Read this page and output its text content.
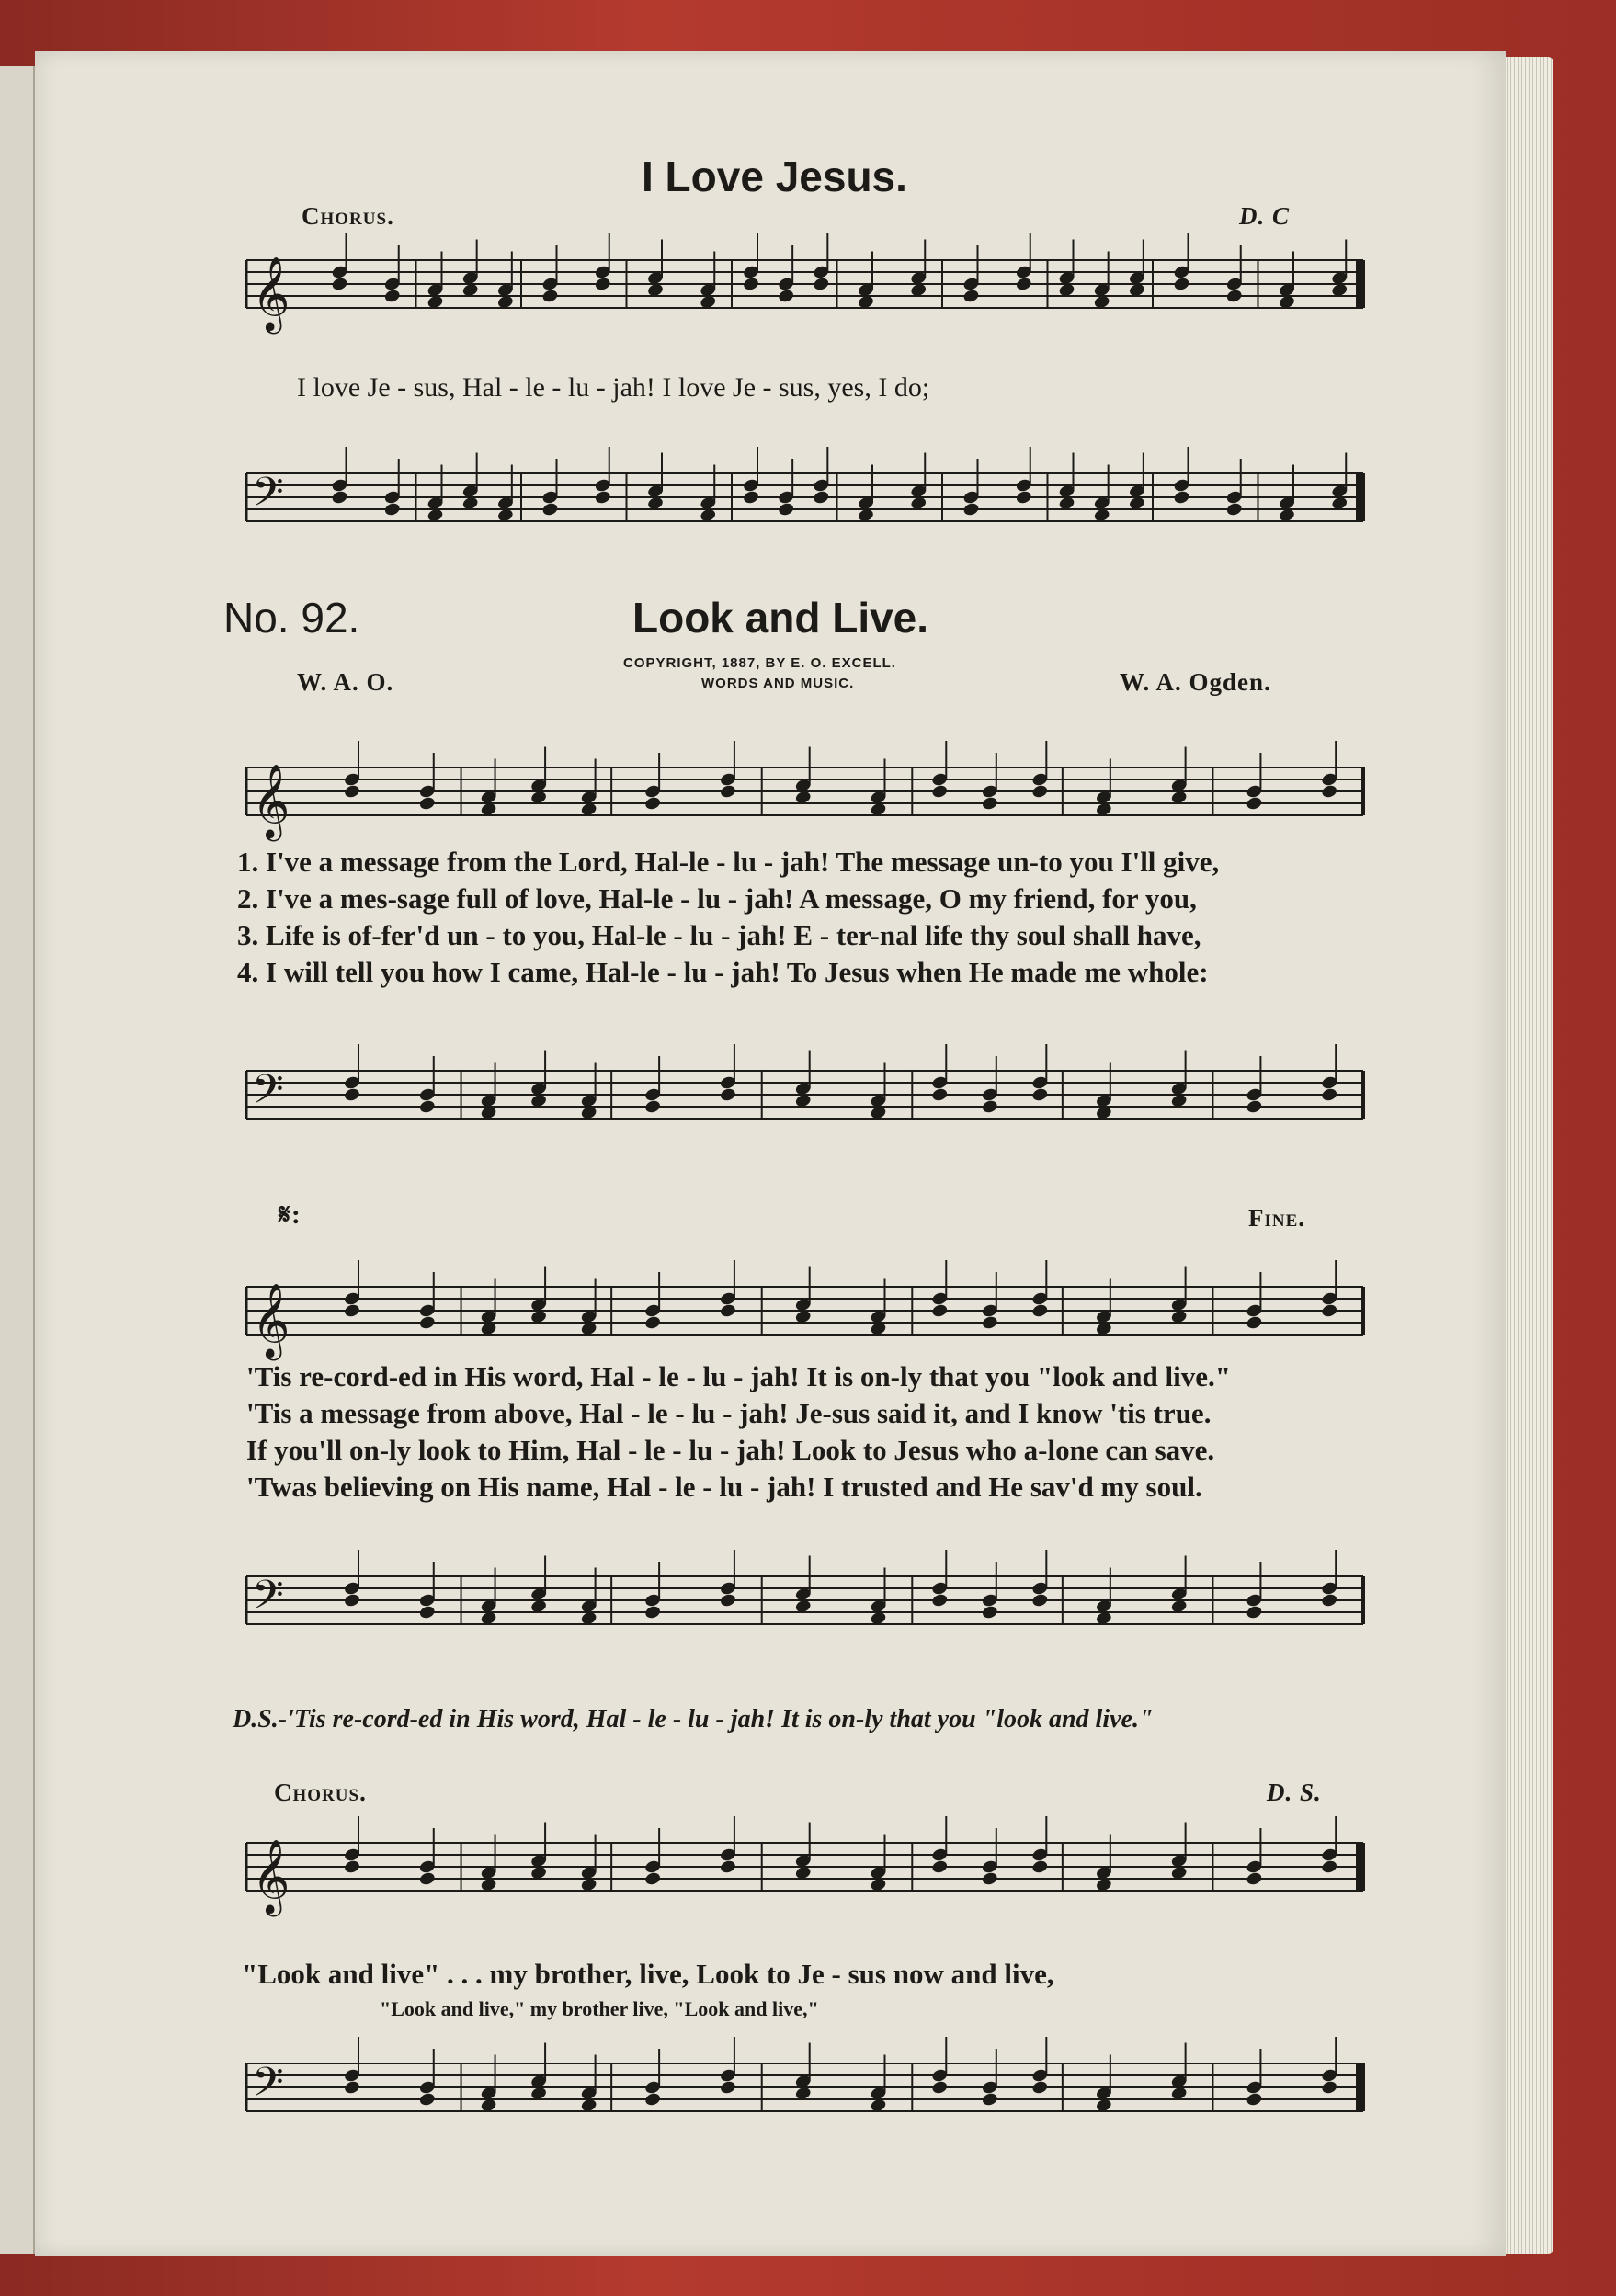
I Love Jesus.
Chorus.	D. C
𝄞
I love Je - sus, Hal - le - lu - jah! I love Je - sus, yes, I do;
𝄢
No. 92.	Look and Live.
COPYRIGHT, 1887, BY E. O. EXCELL.
WORDS AND MUSIC.
W. A. O.	W. A. Ogden.
𝄞
1. I've a message from the Lord, Hal-le - lu - jah! The message un-to you I'll give,
2. I've a mes-sage full of love, Hal-le - lu - jah! A message, O my friend, for you,
3. Life is of-fer'd un - to you, Hal-le - lu - jah! E - ter-nal life thy soul shall have,
4. I will tell you how I came, Hal-le - lu - jah! To Jesus when He made me whole:
𝄢
𝄋:	Fine.
𝄞
'Tis re-cord-ed in His word, Hal - le - lu - jah! It is on-ly that you "look and live."
'Tis a message from above, Hal - le - lu - jah! Je-sus said it, and I know 'tis true.
If you'll on-ly look to Him, Hal - le - lu - jah! Look to Jesus who a-lone can save.
'Twas believing on His name, Hal - le - lu - jah! I trusted and He sav'd my soul.
𝄢
D.S.-'Tis re-cord-ed in His word, Hal - le - lu - jah! It is on-ly that you "look and live."
Chorus.	D. S.
𝄞
"Look and live" . . . my brother, live, Look to Je - sus now and live,
"Look and live," my brother live, "Look and live,"
𝄢
